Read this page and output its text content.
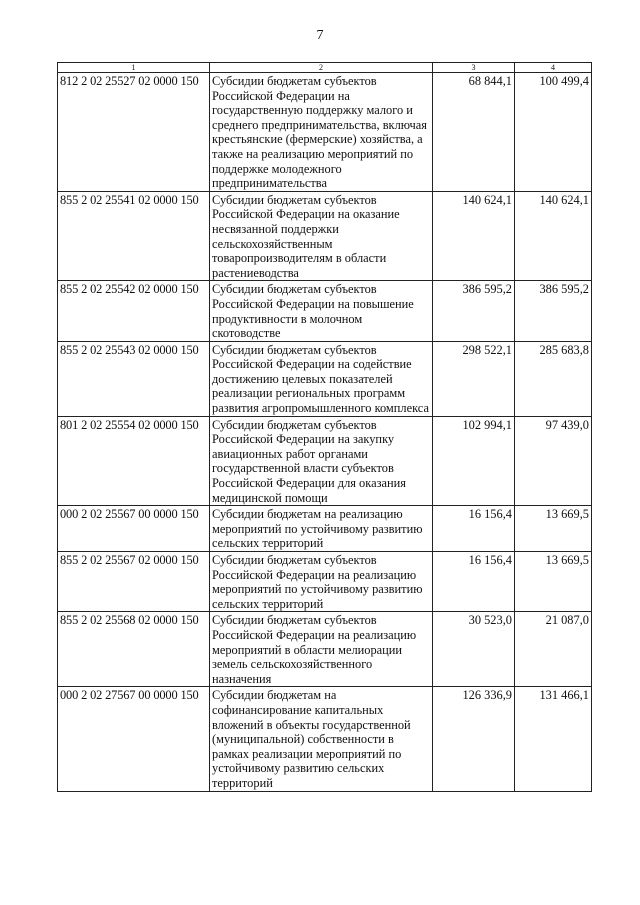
7
1	2	3	4
812 2 02 25527 02 0000 150	Субсидии бюджетам субъектов Российской Федерации на государственную поддержку малого и среднего предпринимательства, включая крестьянские (фермерские) хозяйства, а также на реализацию мероприятий по поддержке молодежного предпринимательства	68 844,1	100 499,4
855 2 02 25541 02 0000 150	Субсидии бюджетам субъектов Российской Федерации на оказание несвязанной поддержки сельскохозяйственным товаропроизводителям в области растениеводства	140 624,1	140 624,1
855 2 02 25542 02 0000 150	Субсидии бюджетам субъектов Российской Федерации на повышение продуктивности в молочном скотоводстве	386 595,2	386 595,2
855 2 02 25543 02 0000 150	Субсидии бюджетам субъектов Российской Федерации на содействие достижению целевых показателей реализации региональных программ развития агропромышленного комплекса	298 522,1	285 683,8
801 2 02 25554 02 0000 150	Субсидии бюджетам субъектов Российской Федерации на закупку авиационных работ органами государственной власти субъектов Российской Федерации для оказания медицинской помощи	102 994,1	97 439,0
000 2 02 25567 00 0000 150	Субсидии бюджетам на реализацию мероприятий по устойчивому развитию сельских территорий	16 156,4	13 669,5
855 2 02 25567 02 0000 150	Субсидии бюджетам субъектов Российской Федерации на реализацию мероприятий по устойчивому развитию сельских территорий	16 156,4	13 669,5
855 2 02 25568 02 0000 150	Субсидии бюджетам субъектов Российской Федерации на реализацию мероприятий в области мелиорации земель сельскохозяйственного назначения	30 523,0	21 087,0
000 2 02 27567 00 0000 150	Субсидии бюджетам на софинансирование капитальных вложений в объекты государственной (муниципальной) собственности в рамках реализации мероприятий по устойчивому развитию сельских территорий	126 336,9	131 466,1
